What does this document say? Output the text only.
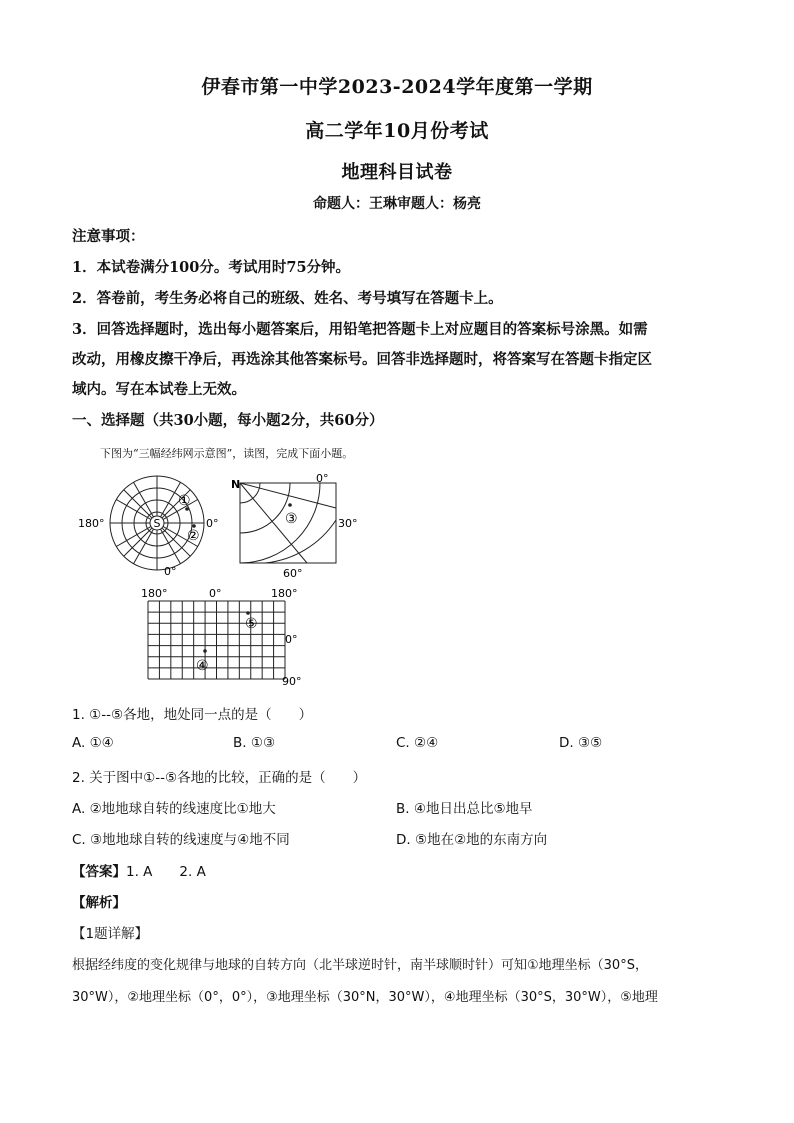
伊春市第一中学2023-2024学年度第一学期
高二学年10月份考试
地理科目试卷
命题人：王琳审题人：杨亮
注意事项：
1．本试卷满分100分。考试用时75分钟。
2．答卷前，考生务必将自己的班级、姓名、考号填写在答题卡上。
3．回答选择题时，选出每小题答案后，用铅笔把答题卡上对应题目的答案标号涂黑。如需
改动，用橡皮擦干净后，再选涂其他答案标号。回答非选择题时，将答案写在答题卡指定区
域内。写在本试卷上无效。
一、选择题（共30小题，每小题2分，共60分）
下图为“三幅经纬网示意图”，读图，完成下面小题。
S
①
②
180°	0°
0°
N	0°
30°
60°
③
180°	0°	180°
0°
90°
⑤
④
1. ①--⑤各地，地处同一点的是（　　）
A. ①④	B. ①③	C. ②④	D. ③⑤
2. 关于图中①--⑤各地的比较，正确的是（　　）
A. ②地地球自转的线速度比①地大	B. ④地日出总比⑤地早
C. ③地地球自转的线速度与④地不同	D. ⑤地在②地的东南方向
【答案】1. A　　2. A
【解析】
【1题详解】
根据经纬度的变化规律与地球的自转方向（北半球逆时针，南半球顺时针）可知①地理坐标（30°S，
30°W），②地理坐标（0°，0°），③地理坐标（30°N，30°W），④地理坐标（30°S，30°W），⑤地理
